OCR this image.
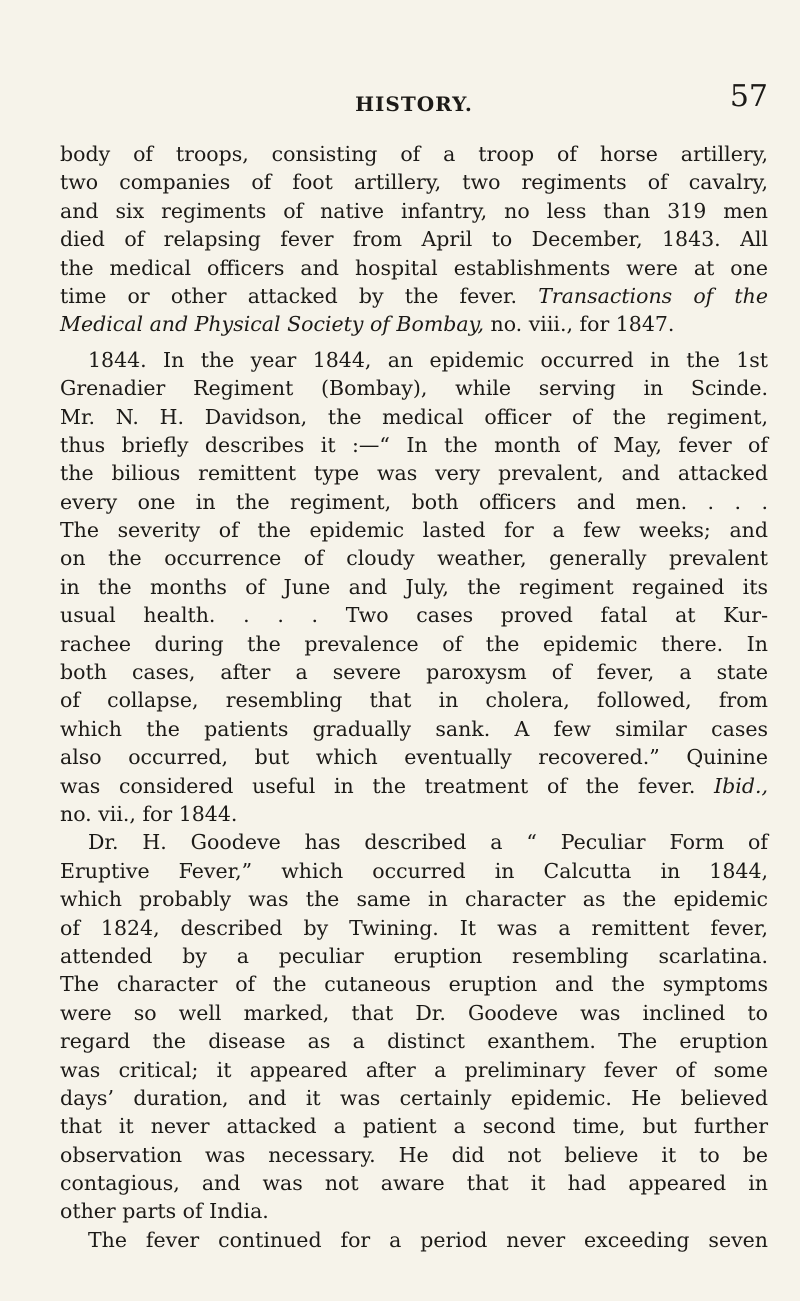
HISTORY.	57
body of troops, consisting of a troop of horse artillery,
two companies of foot artillery, two regiments of cavalry,
and six regiments of native infantry, no less than 319 men
died of relapsing fever from April to December, 1843. All
the medical officers and hospital establishments were at one
time or other attacked by the fever. Transactions of the
Medical and Physical Society of Bombay, no. viii., for 1847.
1844. In the year 1844, an epidemic occurred in the 1st
Grenadier Regiment (Bombay), while serving in Scinde.
Mr. N. H. Davidson, the medical officer of the regiment,
thus briefly describes it :—“ In the month of May, fever of
the bilious remittent type was very prevalent, and attacked
every one in the regiment, both officers and men. . . .
The severity of the epidemic lasted for a few weeks; and
on the occurrence of cloudy weather, generally prevalent
in the months of June and July, the regiment regained its
usual health. . . . Two cases proved fatal at Kur-
rachee during the prevalence of the epidemic there. In
both cases, after a severe paroxysm of fever, a state
of collapse, resembling that in cholera, followed, from
which the patients gradually sank. A few similar cases
also occurred, but which eventually recovered.” Quinine
was considered useful in the treatment of the fever. Ibid.,
no. vii., for 1844.
Dr. H. Goodeve has described a “ Peculiar Form of
Eruptive Fever,” which occurred in Calcutta in 1844,
which probably was the same in character as the epidemic
of 1824, described by Twining. It was a remittent fever,
attended by a peculiar eruption resembling scarlatina.
The character of the cutaneous eruption and the symptoms
were so well marked, that Dr. Goodeve was inclined to
regard the disease as a distinct exanthem. The eruption
was critical; it appeared after a preliminary fever of some
days’ duration, and it was certainly epidemic. He believed
that it never attacked a patient a second time, but further
observation was necessary. He did not believe it to be
contagious, and was not aware that it had appeared in
other parts of India.
The fever continued for a period never exceeding seven
